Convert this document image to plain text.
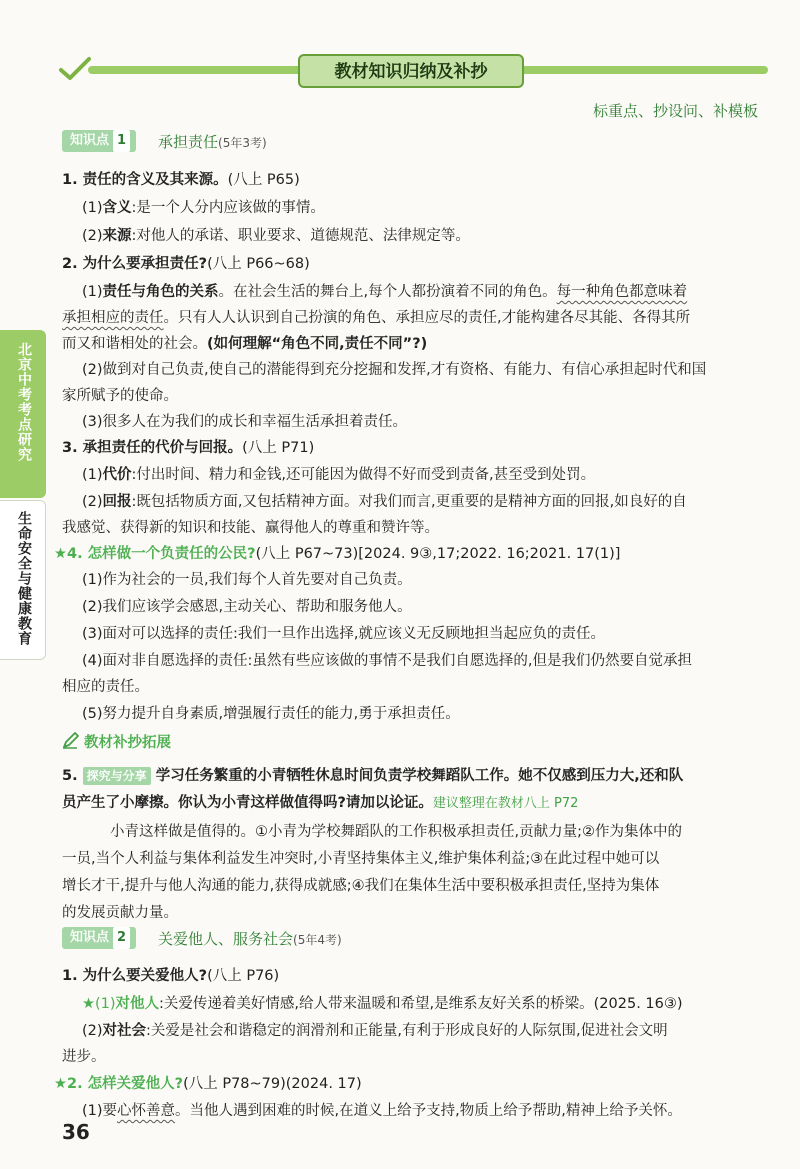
教材知识归纳及补抄
标重点、抄设问、补模板
北京中考考点研究
生命安全与健康教育
知识点 1	承担责任(5年3考)
1. 责任的含义及其来源。(八上 P65)
(1)含义:是一个人分内应该做的事情。
(2)来源:对他人的承诺、职业要求、道德规范、法律规定等。
2. 为什么要承担责任?(八上 P66~68)
(1)责任与角色的关系。在社会生活的舞台上,每个人都扮演着不同的角色。每一种角色都意味着
承担相应的责任。只有人人认识到自己扮演的角色、承担应尽的责任,才能构建各尽其能、各得其所
而又和谐相处的社会。(如何理解“角色不同,责任不同”?)
(2)做到对自己负责,使自己的潜能得到充分挖掘和发挥,才有资格、有能力、有信心承担起时代和国
家所赋予的使命。
(3)很多人在为我们的成长和幸福生活承担着责任。
3. 承担责任的代价与回报。(八上 P71)
(1)代价:付出时间、精力和金钱,还可能因为做得不好而受到责备,甚至受到处罚。
(2)回报:既包括物质方面,又包括精神方面。对我们而言,更重要的是精神方面的回报,如良好的自
我感觉、获得新的知识和技能、赢得他人的尊重和赞许等。
★4. 怎样做一个负责任的公民?(八上 P67~73)[2024. 9③,17;2022. 16;2021. 17(1)]
(1)作为社会的一员,我们每个人首先要对自己负责。
(2)我们应该学会感恩,主动关心、帮助和服务他人。
(3)面对可以选择的责任:我们一旦作出选择,就应该义无反顾地担当起应负的责任。
(4)面对非自愿选择的责任:虽然有些应该做的事情不是我们自愿选择的,但是我们仍然要自觉承担
相应的责任。
(5)努力提升自身素质,增强履行责任的能力,勇于承担责任。
教材补抄拓展
5. 探究与分享 学习任务繁重的小青牺牲休息时间负责学校舞蹈队工作。她不仅感到压力大,还和队
员产生了小摩擦。你认为小青这样做值得吗?请加以论证。建议整理在教材八上 P72
小青这样做是值得的。①小青为学校舞蹈队的工作积极承担责任,贡献力量;②作为集体中的
一员,当个人利益与集体利益发生冲突时,小青坚持集体主义,维护集体利益;③在此过程中她可以
增长才干,提升与他人沟通的能力,获得成就感;④我们在集体生活中要积极承担责任,坚持为集体
的发展贡献力量。
知识点 2	关爱他人、服务社会(5年4考)
1. 为什么要关爱他人?(八上 P76)
★(1)对他人:关爱传递着美好情感,给人带来温暖和希望,是维系友好关系的桥梁。(2025. 16③)
(2)对社会:关爱是社会和谐稳定的润滑剂和正能量,有利于形成良好的人际氛围,促进社会文明
进步。
★2. 怎样关爱他人?(八上 P78~79)(2024. 17)
(1)要心怀善意。当他人遇到困难的时候,在道义上给予支持,物质上给予帮助,精神上给予关怀。
36
